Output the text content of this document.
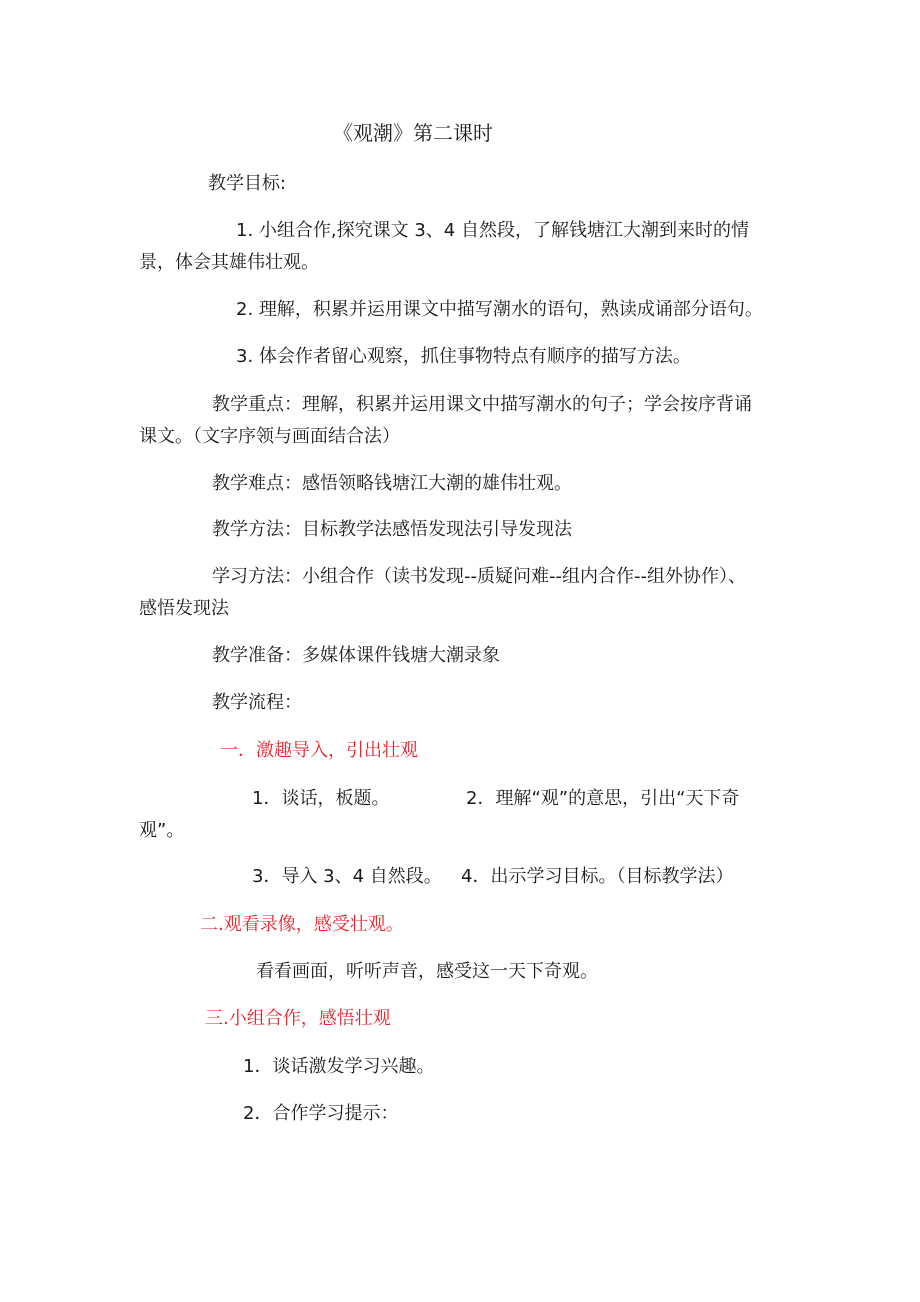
《观潮》第二课时

教学目标:

1. 小组合作,探究课文 3、4 自然段，了解钱塘江大潮到来时的情

景，体会其雄伟壮观。

2. 理解，积累并运用课文中描写潮水的语句，熟读成诵部分语句。

3. 体会作者留心观察，抓住事物特点有顺序的描写方法。

教学重点：理解，积累并运用课文中描写潮水的句子；学会按序背诵

课文。（文字序领与画面结合法）

教学难点：感悟领略钱塘江大潮的雄伟壮观。

教学方法：目标教学法感悟发现法引导发现法

学习方法：小组合作（读书发现--质疑问难--组内合作--组外协作）、

感悟发现法

教学准备：多媒体课件钱塘大潮录象

教学流程：

一．激趣导入，引出壮观

1．谈话，板题。	2．理解“观”的意思，引出“天下奇

观”。

3．导入 3、4 自然段。 4．出示学习目标。（目标教学法）

二.观看录像，感受壮观。

看看画面，听听声音，感受这一天下奇观。

三.小组合作，感悟壮观

1．谈话激发学习兴趣。

2．合作学习提示：
